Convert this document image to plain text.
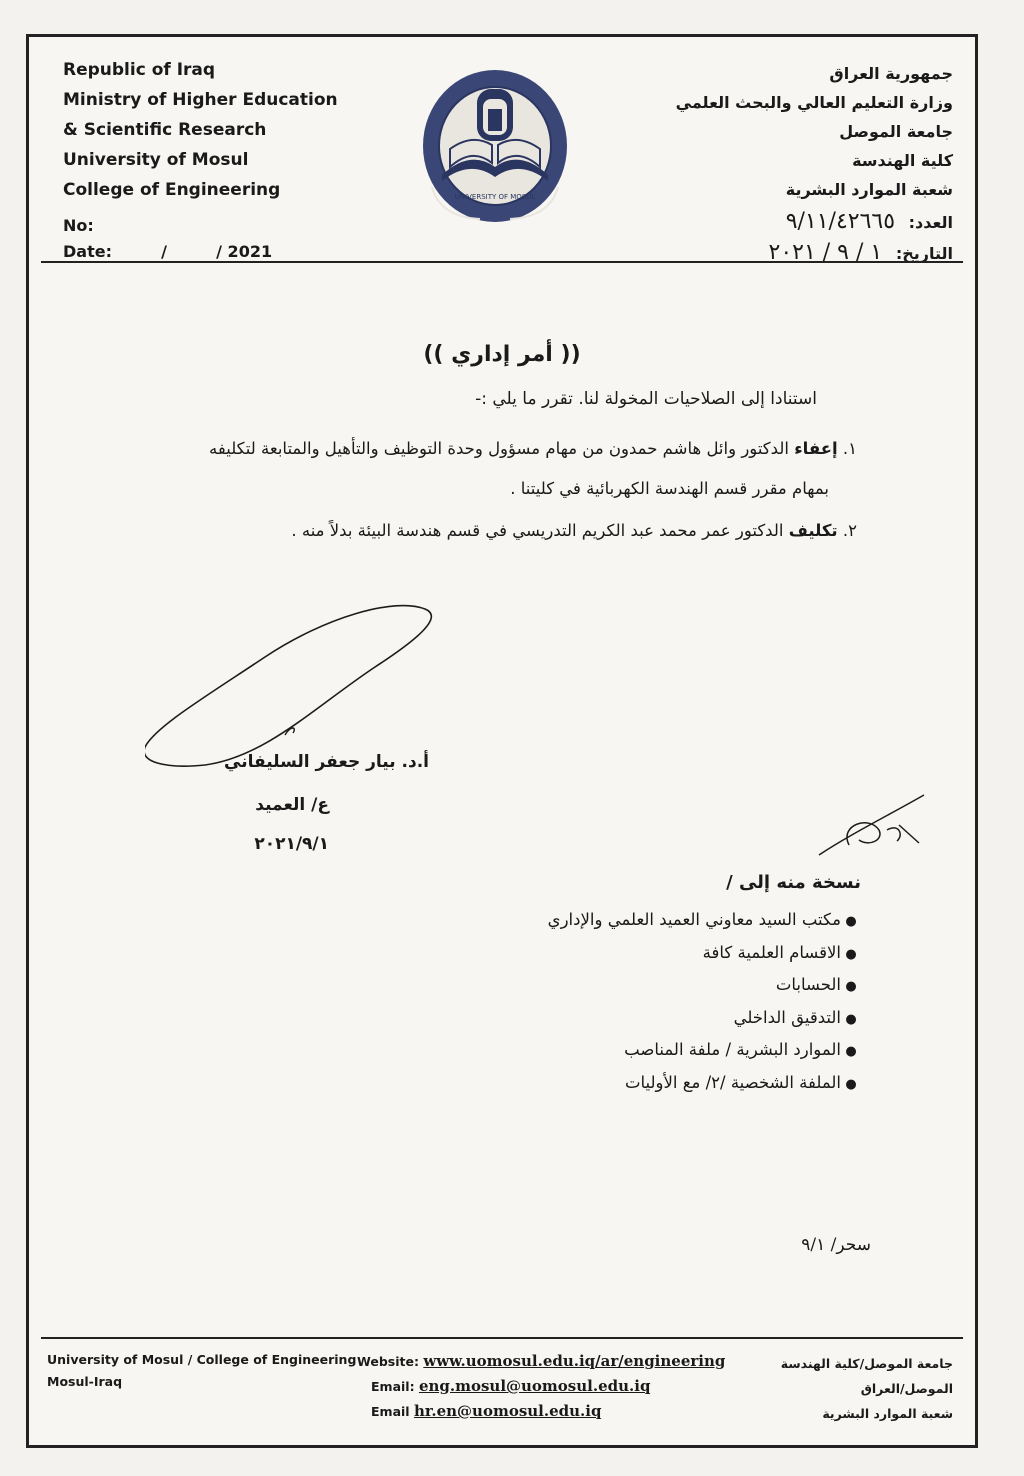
Republic of Iraq
Ministry of Higher Education
& Scientific Research
University of Mosul
College of Engineering
No:
Date:	/	/ 2021
UNIVERSITY OF MOSUL
جمهورية العراق
وزارة التعليم العالي والبحث العلمي
جامعة الموصل
كلية الهندسة
شعبة الموارد البشرية
العدد: ٩/١١/٤٢٦٦٥
التاريخ: ١ / ٩ / ٢٠٢١
(( أمر إداري ))
استنادا إلى الصلاحيات المخولة لنا. تقرر ما يلي :-
١. إعفاء الدكتور وائل هاشم حمدون من مهام مسؤول وحدة التوظيف والتأهيل والمتابعة لتكليفه
بمهام مقرر قسم الهندسة الكهربائية في كليتنا .
٢. تكليف الدكتور عمر محمد عبد الكريم التدريسي في قسم هندسة البيئة بدلاً منه .
أ.د. بيار جعفر السليفاني
ع/ العميد
٢٠٢١/٩/١
نسخة منه إلى /
●مكتب السيد معاوني العميد العلمي والإداري
●الاقسام العلمية كافة
●الحسابات
●التدقيق الداخلي
●الموارد البشرية / ملفة المناصب
●الملفة الشخصية /٢/ مع الأوليات
سحر/ ٩/١
University of Mosul / College of Engineering
Mosul-Iraq
Website: www.uomosul.edu.iq/ar/engineering
Email: eng.mosul@uomosul.edu.iq
Email hr.en@uomosul.edu.iq
جامعة الموصل/كلية الهندسة
الموصل/العراق
شعبة الموارد البشرية
